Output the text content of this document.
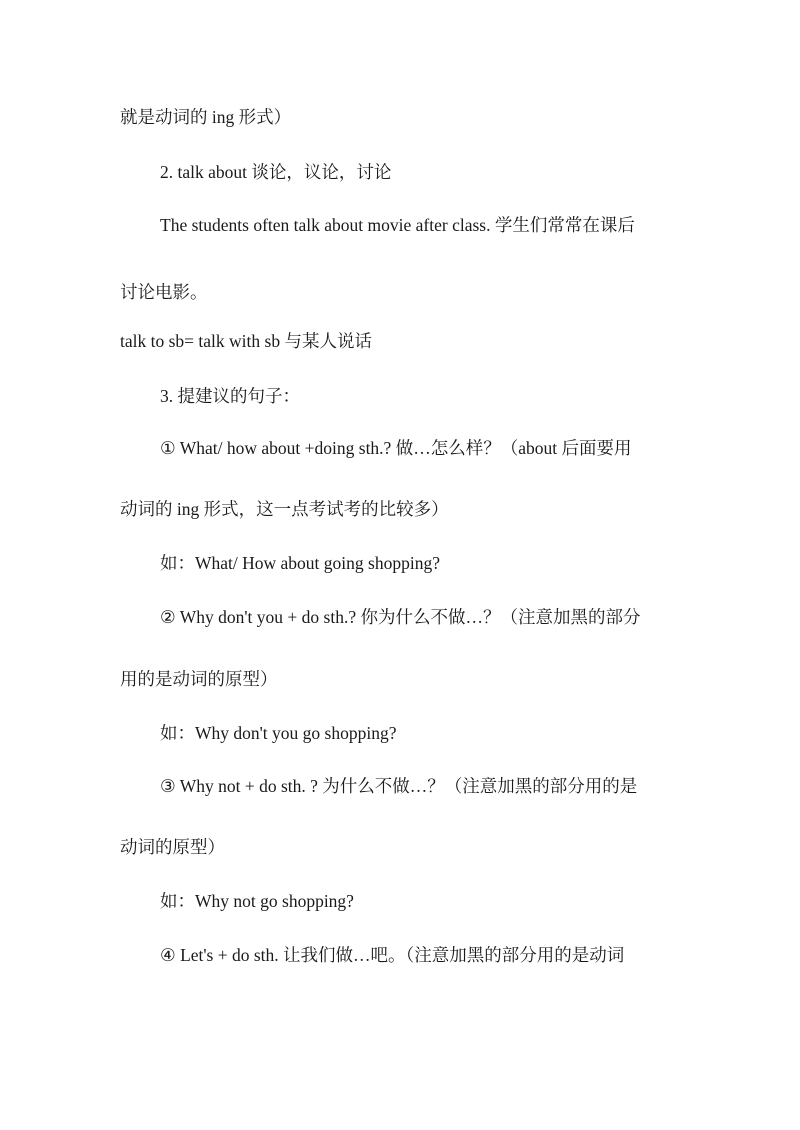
就是动词的 ing 形式）
2. talk about 谈论，议论，讨论
The students often talk about movie after class. 学生们常常在课后
讨论电影。
talk to sb= talk with sb 与某人说话
3. 提建议的句子：
① What/ how about +doing sth.? 做…怎么样？（about 后面要用
动词的 ing 形式，这一点考试考的比较多）
如：What/ How about going shopping?
② Why don't you + do sth.? 你为什么不做…？（注意加黑的部分
用的是动词的原型）
如：Why don't you go shopping?
③ Why not + do sth. ? 为什么不做…？（注意加黑的部分用的是
动词的原型）
如：Why not go shopping?
④ Let's + do sth. 让我们做…吧。（注意加黑的部分用的是动词
